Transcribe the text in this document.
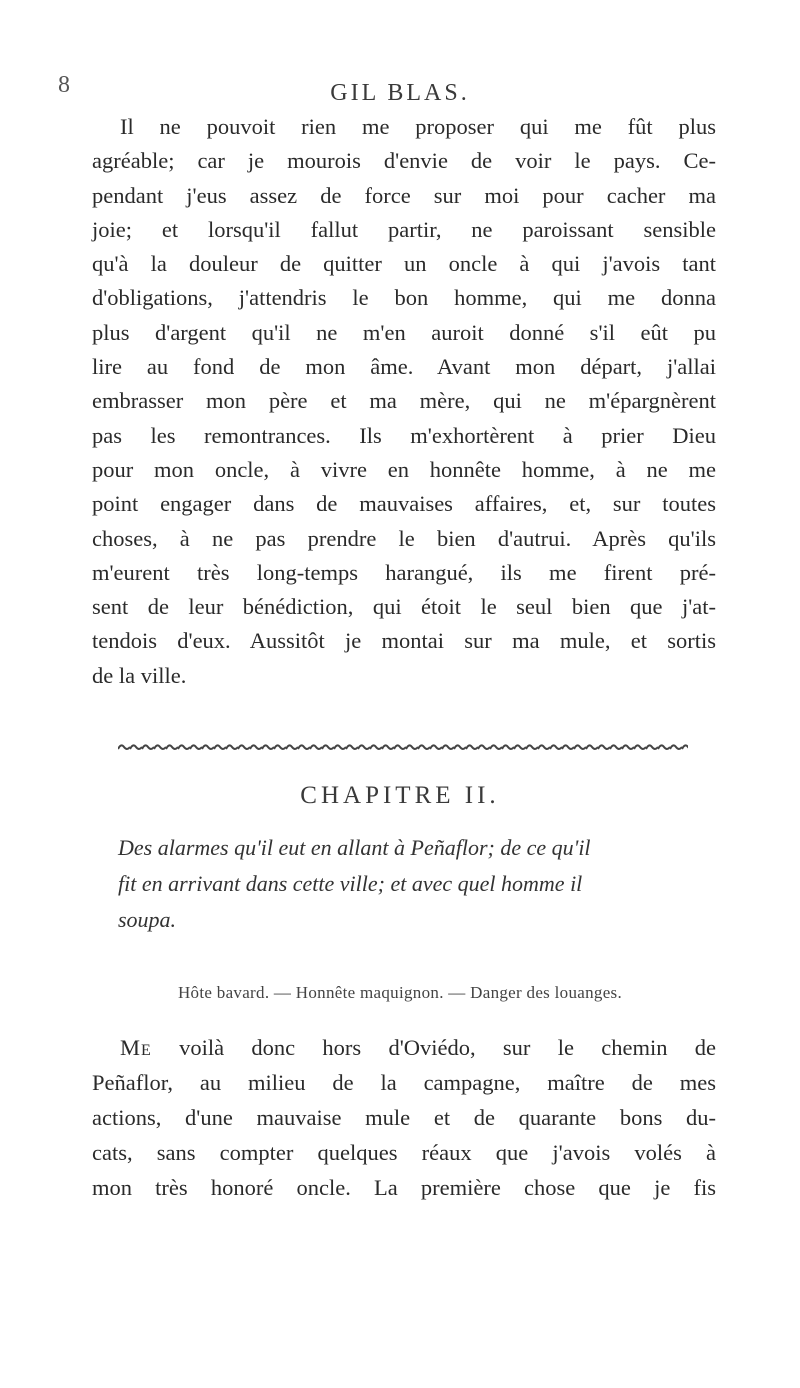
8	GIL BLAS.
Il ne pouvoit rien me proposer qui me fût plus
agréable; car je mourois d'envie de voir le pays. Ce-
pendant j'eus assez de force sur moi pour cacher ma
joie; et lorsqu'il fallut partir, ne paroissant sensible
qu'à la douleur de quitter un oncle à qui j'avois tant
d'obligations, j'attendris le bon homme, qui me donna
plus d'argent qu'il ne m'en auroit donné s'il eût pu
lire au fond de mon âme. Avant mon départ, j'allai
embrasser mon père et ma mère, qui ne m'épargnèrent
pas les remontrances. Ils m'exhortèrent à prier Dieu
pour mon oncle, à vivre en honnête homme, à ne me
point engager dans de mauvaises affaires, et, sur toutes
choses, à ne pas prendre le bien d'autrui. Après qu'ils
m'eurent très long-temps harangué, ils me firent pré-
sent de leur bénédiction, qui étoit le seul bien que j'at-
tendois d'eux. Aussitôt je montai sur ma mule, et sortis
de la ville.
CHAPITRE II.
Des alarmes qu'il eut en allant à Peñaflor; de ce qu'il
fit en arrivant dans cette ville; et avec quel homme il
soupa.
Hôte bavard. — Honnête maquignon. — Danger des louanges.
Me voilà donc hors d'Oviédo, sur le chemin de
Peñaflor, au milieu de la campagne, maître de mes
actions, d'une mauvaise mule et de quarante bons du-
cats, sans compter quelques réaux que j'avois volés à
mon très honoré oncle. La première chose que je fis
